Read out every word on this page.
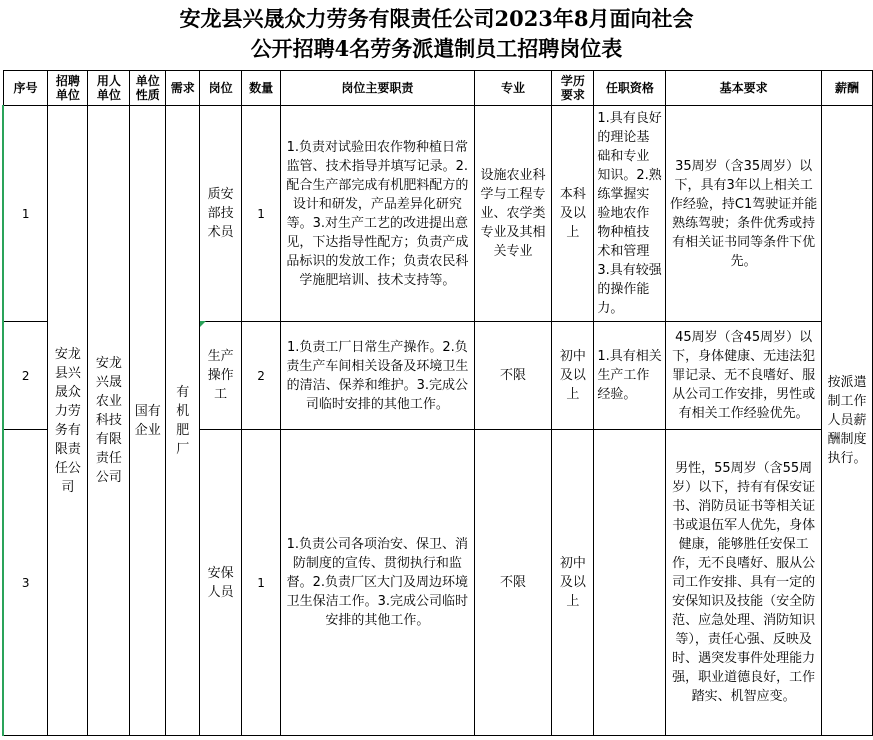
安龙县兴晟众力劳务有限责任公司2023年8月面向社会
公开招聘4名劳务派遣制员工招聘岗位表
序号	招聘单位	用人单位	单位性质	需求	岗位	数量	岗位主要职责	专业	学历要求	任职资格	基本要求	薪酬
1	安龙县兴晟众力劳务有限责任公司	安龙兴晟农业科技有限责任公司	国有企业	有机肥厂	质安部技术员	1	1.负责对试验田农作物种植日常监管、技术指导并填写记录。2.配合生产部完成有机肥料配方的设计和研发，产品差异化研究等。3.对生产工艺的改进提出意见，下达指导性配方；负责产成品标识的发放工作；负责农民科学施肥培训、技术支持等。	设施农业科学与工程专业、农学类专业及其相关专业	本科及以上	1.具有良好的理论基础和专业知识。2.熟练掌握实验地农作物种植技术和管理 3.具有较强的操作能力。	35周岁（含35周岁）以下，具有3年以上相关工作经验，持C1驾驶证并能熟练驾驶；条件优秀或持有相关证书同等条件下优先。	按派遣制工作人员薪酬制度执行。
2					生产操作工	2	1.负责工厂日常生产操作。2.负责生产车间相关设备及环境卫生的清洁、保养和维护。3.完成公司临时安排的其他工作。	不限	初中及以上	1.具有相关生产工作经验。	45周岁（含45周岁）以下，身体健康、无违法犯罪记录、无不良嗜好、服从公司工作安排，男性或有相关工作经验优先。	
3					安保人员	1	1.负责公司各项治安、保卫、消防制度的宣传、贯彻执行和监督。2.负责厂区大门及周边环境卫生保洁工作。3.完成公司临时安排的其他工作。	不限	初中及以上		男性，55周岁（含55周岁）以下，持有有保安证书、消防员证书等相关证书或退伍军人优先，身体健康，能够胜任安保工作，无不良嗜好、服从公司工作安排、具有一定的安保知识及技能（安全防范、应急处理、消防知识等），责任心强、反映及时、遇突发事件处理能力强，职业道德良好，工作踏实、机智应变。	
